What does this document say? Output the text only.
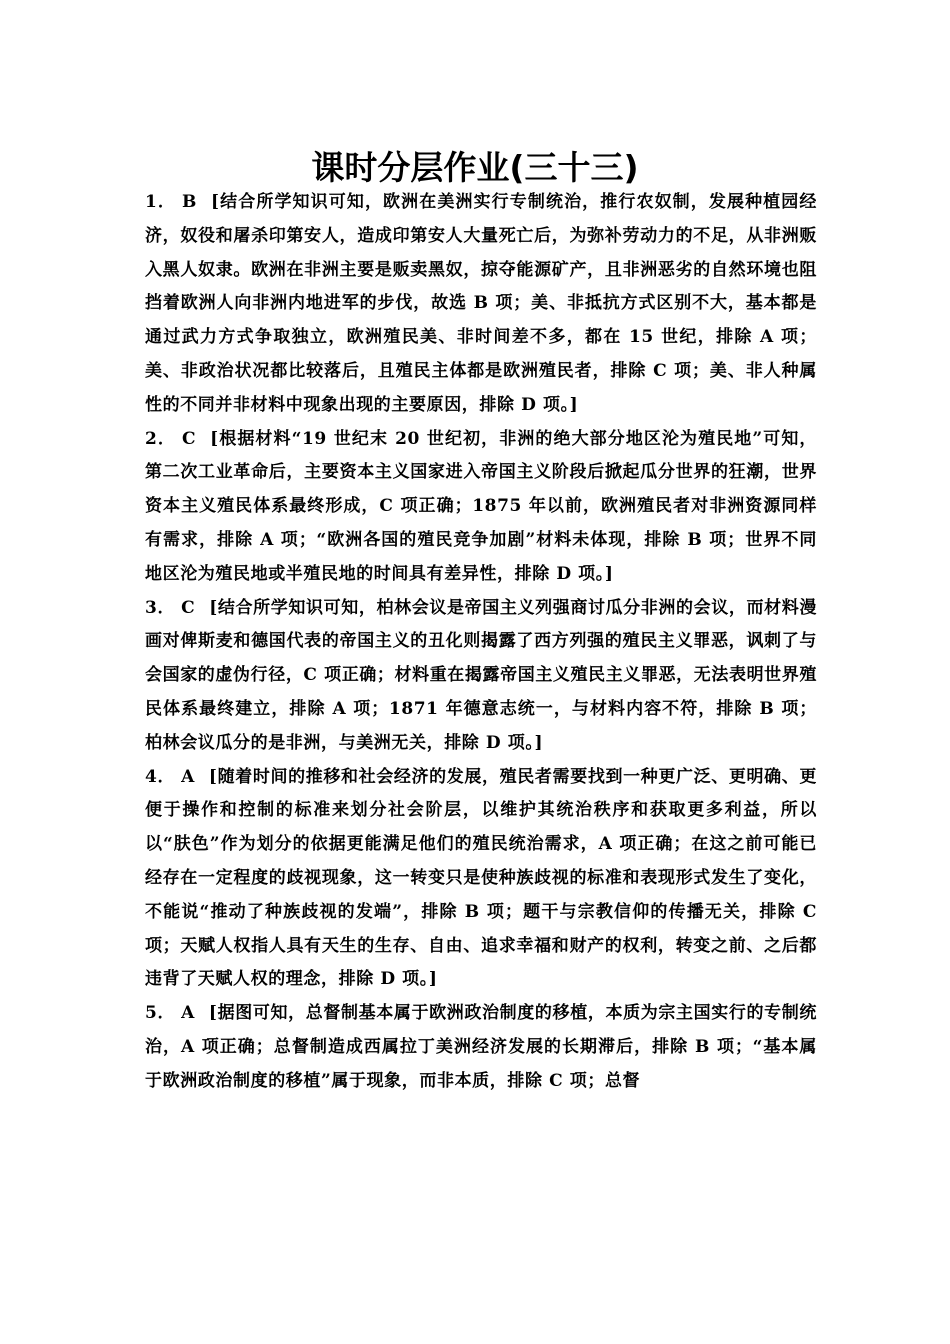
课时分层作业(三十三)

1． B [结合所学知识可知，欧洲在美洲实行专制统治，推行农奴制，发展种植园经济，奴役和屠杀印第安人，造成印第安人大量死亡后，为弥补劳动力的不足，从非洲贩入黑人奴隶。欧洲在非洲主要是贩卖黑奴，掠夺能源矿产，且非洲恶劣的自然环境也阻挡着欧洲人向非洲内地进军的步伐，故选 B 项；美、非抵抗方式区别不大，基本都是通过武力方式争取独立，欧洲殖民美、非时间差不多，都在 15 世纪，排除 A 项；美、非政治状况都比较落后，且殖民主体都是欧洲殖民者，排除 C 项；美、非人种属性的不同并非材料中现象出现的主要原因，排除 D 项。]

2． C [根据材料“19 世纪末 20 世纪初，非洲的绝大部分地区沦为殖民地”可知，第二次工业革命后，主要资本主义国家进入帝国主义阶段后掀起瓜分世界的狂潮，世界资本主义殖民体系最终形成，C 项正确；1875 年以前，欧洲殖民者对非洲资源同样有需求，排除 A 项；“欧洲各国的殖民竞争加剧”材料未体现，排除 B 项；世界不同地区沦为殖民地或半殖民地的时间具有差异性，排除 D 项。]

3． C [结合所学知识可知，柏林会议是帝国主义列强商讨瓜分非洲的会议，而材料漫画对俾斯麦和德国代表的帝国主义的丑化则揭露了西方列强的殖民主义罪恶，讽刺了与会国家的虚伪行径，C 项正确；材料重在揭露帝国主义殖民主义罪恶，无法表明世界殖民体系最终建立，排除 A 项；1871 年德意志统一，与材料内容不符，排除 B 项；柏林会议瓜分的是非洲，与美洲无关，排除 D 项。]

4． A [随着时间的推移和社会经济的发展，殖民者需要找到一种更广泛、更明确、更便于操作和控制的标准来划分社会阶层，以维护其统治秩序和获取更多利益，所以以“肤色”作为划分的依据更能满足他们的殖民统治需求，A 项正确；在这之前可能已经存在一定程度的歧视现象，这一转变只是使种族歧视的标准和表现形式发生了变化，不能说“推动了种族歧视的发端”，排除 B 项；题干与宗教信仰的传播无关，排除 C 项；天赋人权指人具有天生的生存、自由、追求幸福和财产的权利，转变之前、之后都违背了天赋人权的理念，排除 D 项。]

5． A [据图可知，总督制基本属于欧洲政治制度的移植，本质为宗主国实行的专制统治，A 项正确；总督制造成西属拉丁美洲经济发展的长期滞后，排除 B 项；“基本属于欧洲政治制度的移植”属于现象，而非本质，排除 C 项；总督
